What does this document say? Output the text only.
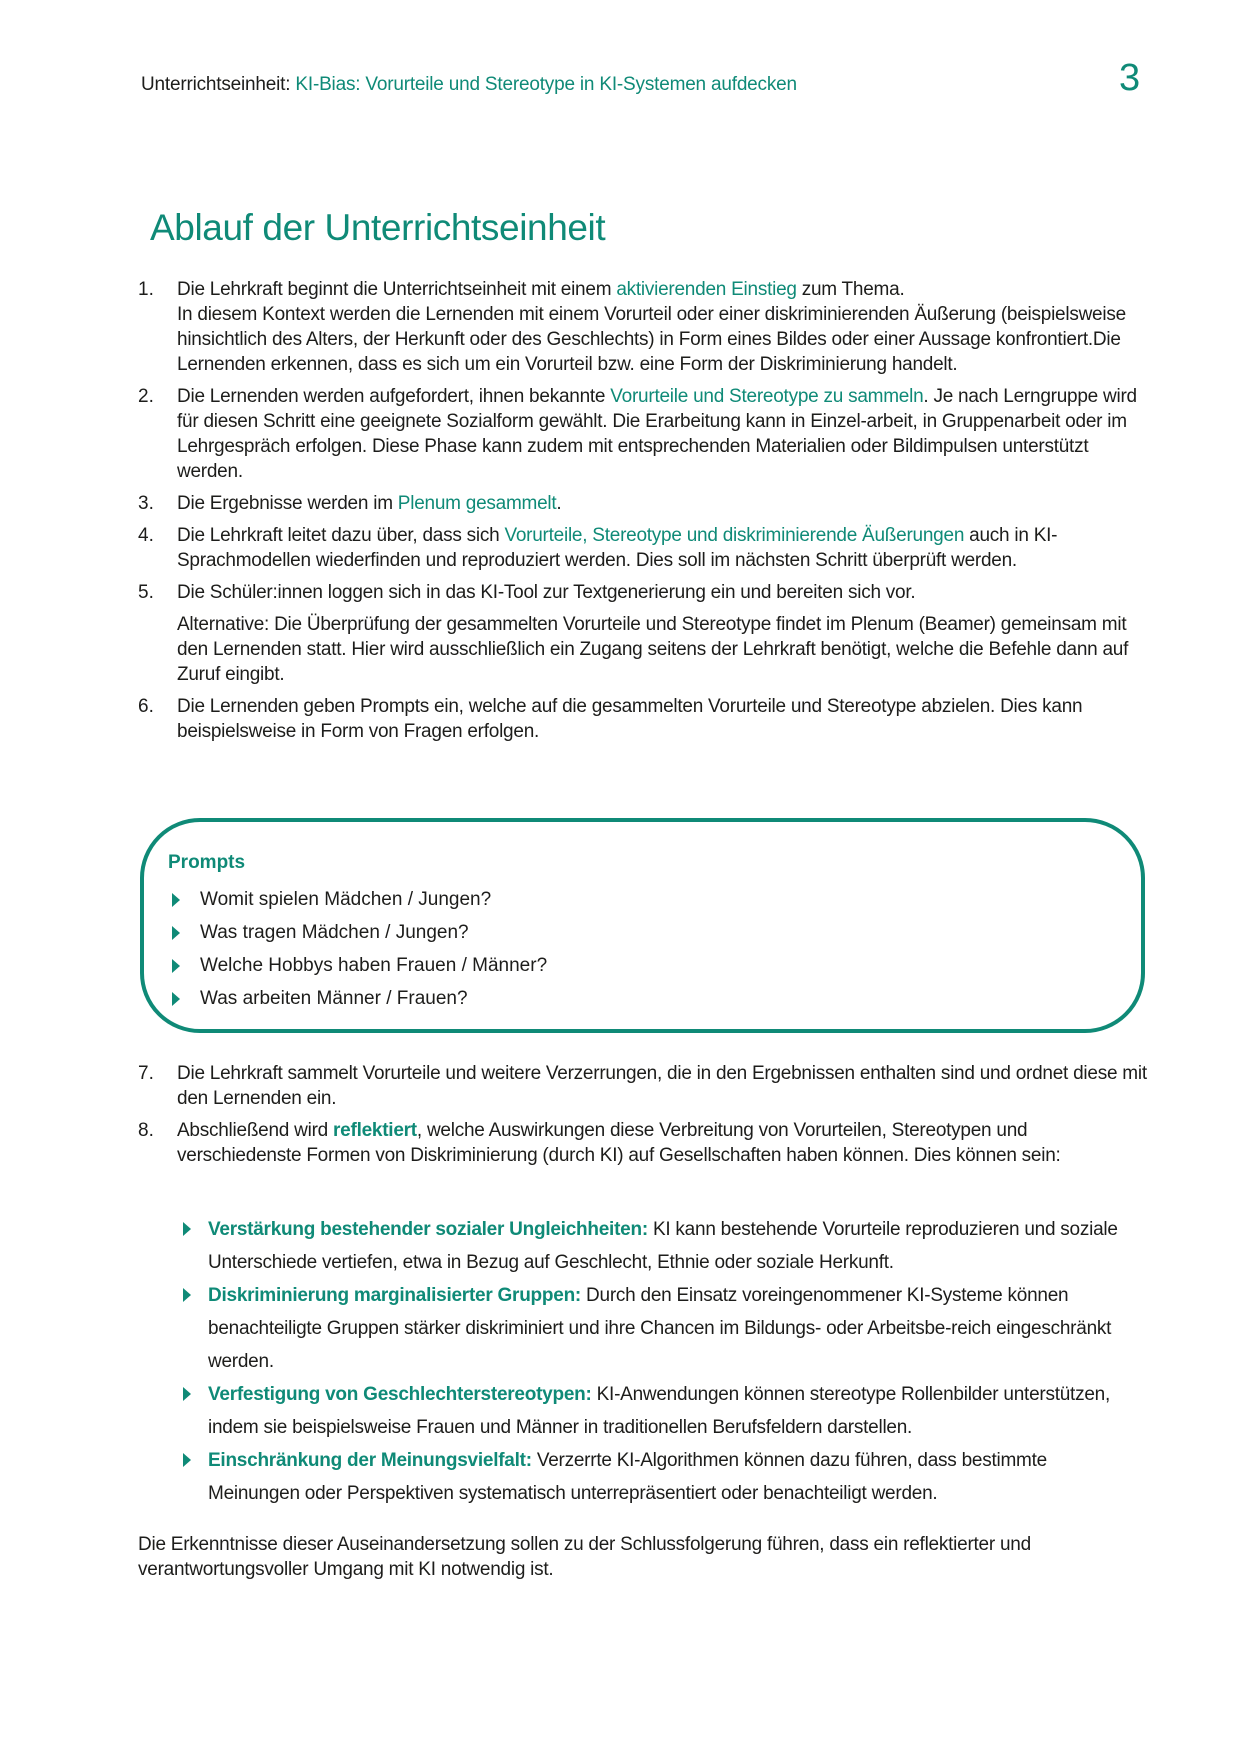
Unterrichtseinheit: KI-Bias: Vorurteile und Stereotype in KI-Systemen aufdecken	3
Ablauf der Unterrichtseinheit
1.	Die Lehrkraft beginnt die Unterrichtseinheit mit einem aktivierenden Einstieg zum Thema.
In diesem Kontext werden die Lernenden mit einem Vorurteil oder einer diskriminierenden Äußerung (beispielsweise hinsichtlich des Alters, der Herkunft oder des Geschlechts) in Form eines Bildes oder einer Aussage konfrontiert.Die Lernenden erkennen, dass es sich um ein Vorurteil bzw. eine Form der Diskriminierung handelt.
2.	Die Lernenden werden aufgefordert, ihnen bekannte Vorurteile und Stereotype zu sammeln. Je nach Lerngruppe wird für diesen Schritt eine geeignete Sozialform gewählt. Die Erarbeitung kann in Einzel-arbeit, in Gruppenarbeit oder im Lehrgespräch erfolgen. Diese Phase kann zudem mit entsprechenden Materialien oder Bildimpulsen unterstützt werden.
3.	Die Ergebnisse werden im Plenum gesammelt.
4.	Die Lehrkraft leitet dazu über, dass sich Vorurteile, Stereotype und diskriminierende Äußerungen auch in KI-Sprachmodellen wiederfinden und reproduziert werden. Dies soll im nächsten Schritt überprüft werden.
5.	Die Schüler:innen loggen sich in das KI-Tool zur Textgenerierung ein und bereiten sich vor.
Alternative: Die Überprüfung der gesammelten Vorurteile und Stereotype findet im Plenum (Beamer) gemeinsam mit den Lernenden statt. Hier wird ausschließlich ein Zugang seitens der Lehrkraft benötigt, welche die Befehle dann auf Zuruf eingibt.
6.	Die Lernenden geben Prompts ein, welche auf die gesammelten Vorurteile und Stereotype abzielen. Dies kann beispielsweise in Form von Fragen erfolgen.
Prompts
Womit spielen Mädchen / Jungen?
Was tragen Mädchen / Jungen?
Welche Hobbys haben Frauen / Männer?
Was arbeiten Männer / Frauen?
7.	Die Lehrkraft sammelt Vorurteile und weitere Verzerrungen, die in den Ergebnissen enthalten sind und ordnet diese mit den Lernenden ein.
8.	Abschließend wird reflektiert, welche Auswirkungen diese Verbreitung von Vorurteilen, Stereotypen und verschiedenste Formen von Diskriminierung (durch KI) auf Gesellschaften haben können. Dies können sein:
Verstärkung bestehender sozialer Ungleichheiten: KI kann bestehende Vorurteile reproduzieren und soziale Unterschiede vertiefen, etwa in Bezug auf Geschlecht, Ethnie oder soziale Herkunft.
Diskriminierung marginalisierter Gruppen: Durch den Einsatz voreingenommener KI-Systeme können benachteiligte Gruppen stärker diskriminiert und ihre Chancen im Bildungs- oder Arbeitsbe-reich eingeschränkt werden.
Verfestigung von Geschlechterstereotypen: KI-Anwendungen können stereotype Rollenbilder unterstützen, indem sie beispielsweise Frauen und Männer in traditionellen Berufsfeldern darstellen.
Einschränkung der Meinungsvielfalt: Verzerrte KI-Algorithmen können dazu führen, dass bestimmte Meinungen oder Perspektiven systematisch unterrepräsentiert oder benachteiligt werden.

Die Erkenntnisse dieser Auseinandersetzung sollen zu der Schlussfolgerung führen, dass ein reflektierter und verantwortungsvoller Umgang mit KI notwendig ist.
